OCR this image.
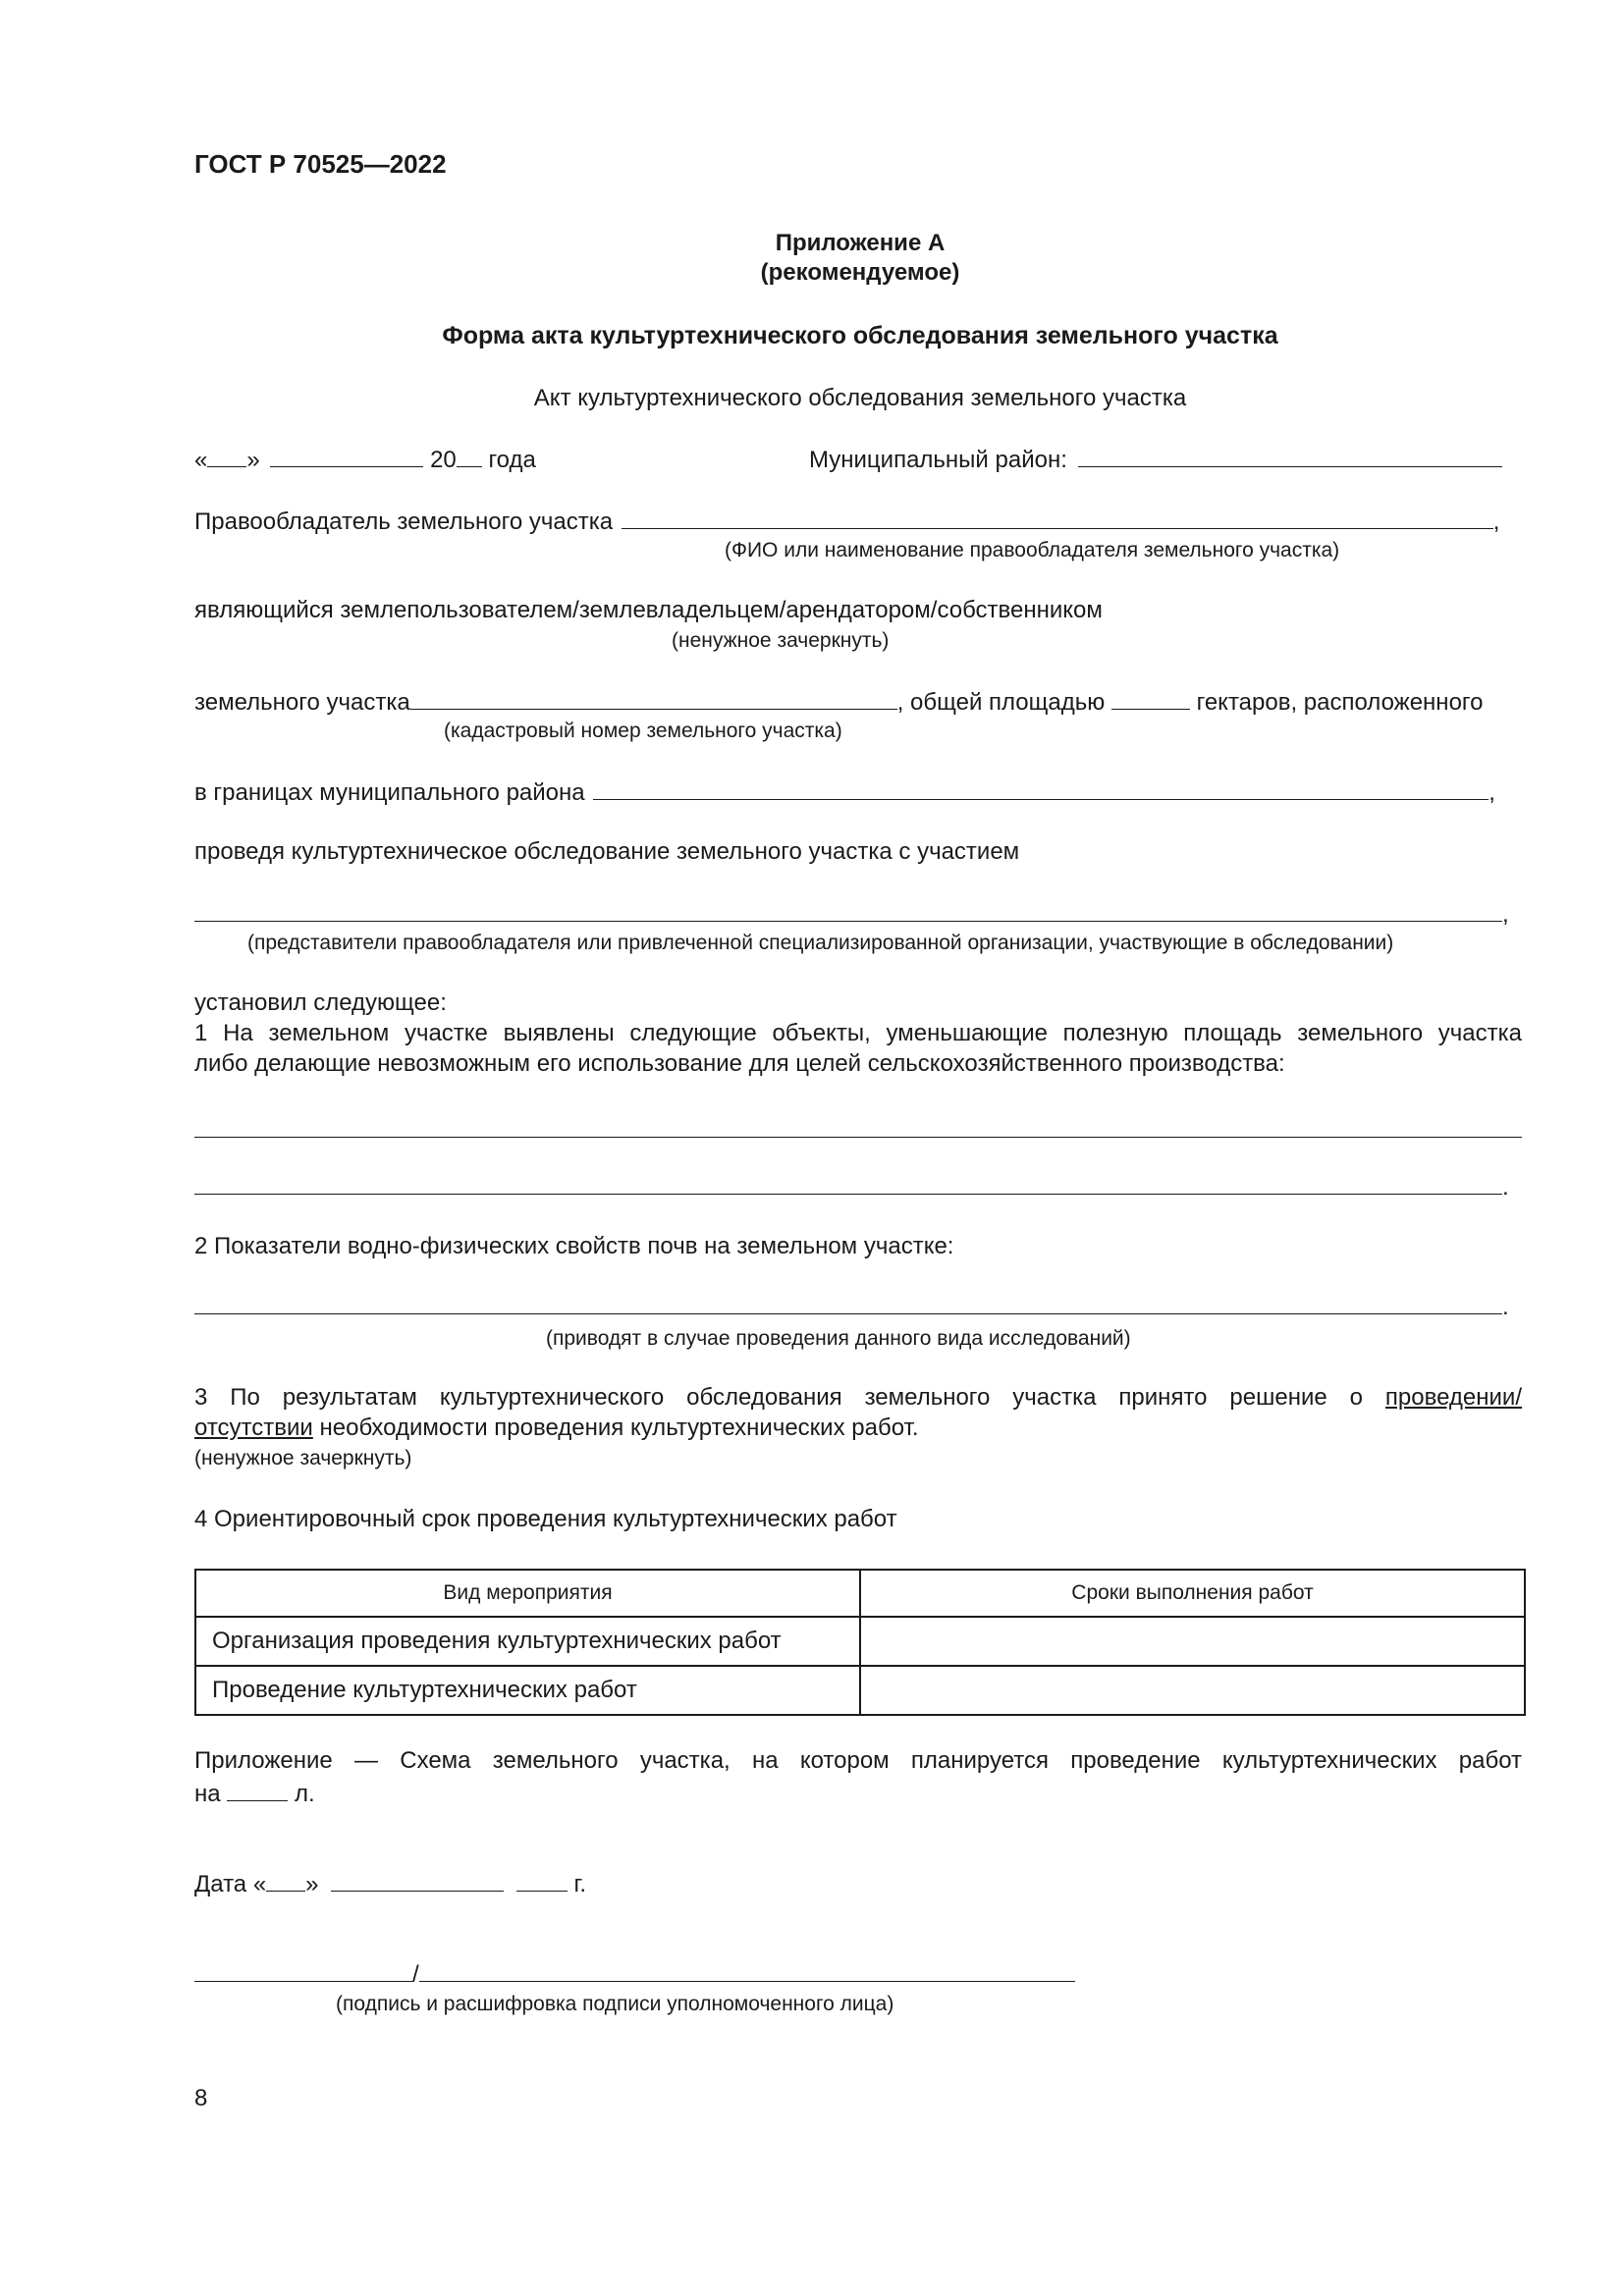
ГОСТ Р 70525—2022
Приложение А
(рекомендуемое)
Форма акта культуртехнического обследования земельного участка
Акт культуртехнического обследования земельного участка
« »	20 года	Муниципальный район:
Правообладатель земельного участка	,
(ФИО или наименование правообладателя земельного участка)
являющийся землепользователем/землевладельцем/арендатором/собственником
(ненужное зачеркнуть)
земельного участка	, общей площадью	гектаров, расположенного
(кадастровый номер земельного участка)
в границах муниципального района	,
проведя культуртехническое обследование земельного участка с участием
,
(представители правообладателя или привлеченной специализированной организации, участвующие в обследовании)
установил следующее:
1 На земельном участке выявлены следующие объекты, уменьшающие полезную площадь земельного участка
либо делающие невозможным его использование для целей сельскохозяйственного производства:
.
2 Показатели водно-физических свойств почв на земельном участке:
.
(приводят в случае проведения данного вида исследований)
3 По результатам культуртехнического обследования земельного участка принято решение о проведении/
отсутствии необходимости проведения культуртехнических работ.
(ненужное зачеркнуть)
4 Ориентировочный срок проведения культуртехнических работ
Вид мероприятия	Сроки выполнения работ
Организация проведения культуртехнических работ	
Проведение культуртехнических работ	
Приложение — Схема земельного участка, на котором планируется проведение культуртехнических работ
на	л.
Дата « »	г.
/
(подпись и расшифровка подписи уполномоченного лица)
8
